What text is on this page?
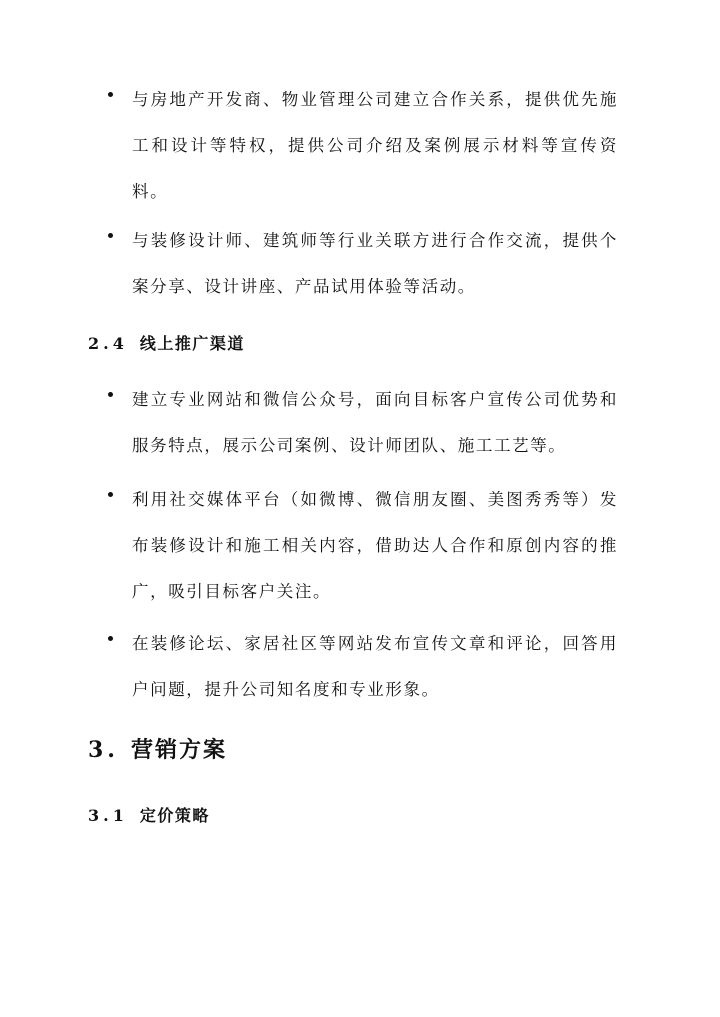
与房地产开发商、物业管理公司建立合作关系，提供优先施工和设计等特权，提供公司介绍及案例展示材料等宣传资料。
与装修设计师、建筑师等行业关联方进行合作交流，提供个案分享、设计讲座、产品试用体验等活动。
2.4 线上推广渠道
建立专业网站和微信公众号，面向目标客户宣传公司优势和服务特点，展示公司案例、设计师团队、施工工艺等。
利用社交媒体平台（如微博、微信朋友圈、美图秀秀等）发布装修设计和施工相关内容，借助达人合作和原创内容的推广，吸引目标客户关注。
在装修论坛、家居社区等网站发布宣传文章和评论，回答用户问题，提升公司知名度和专业形象。
3. 营销方案
3.1 定价策略
